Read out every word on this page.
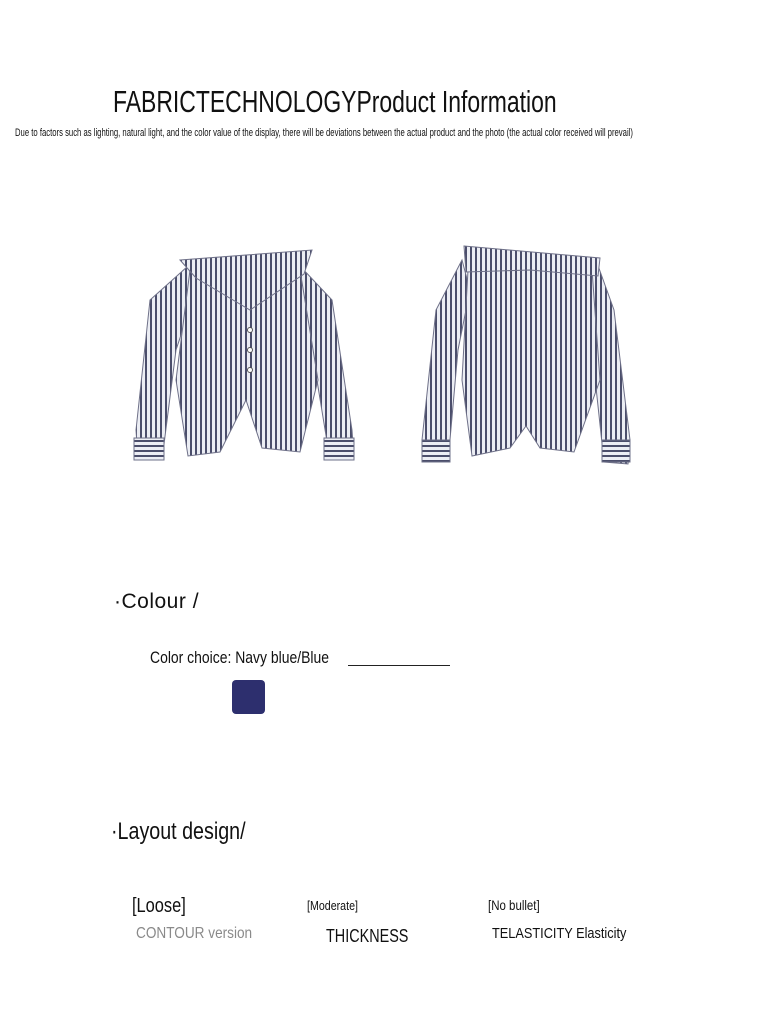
FABRICTECHNOLOGYProduct Information
Due to factors such as lighting, natural light, and the color value of the display, there will be deviations between the actual product and the photo (the actual color received will prevail)
·Colour /
Color choice: Navy blue/Blue
·Layout design/
[Loose]	[Moderate]	[No bullet]
CONTOUR version	THICKNESS	TELASTICITY Elasticity
